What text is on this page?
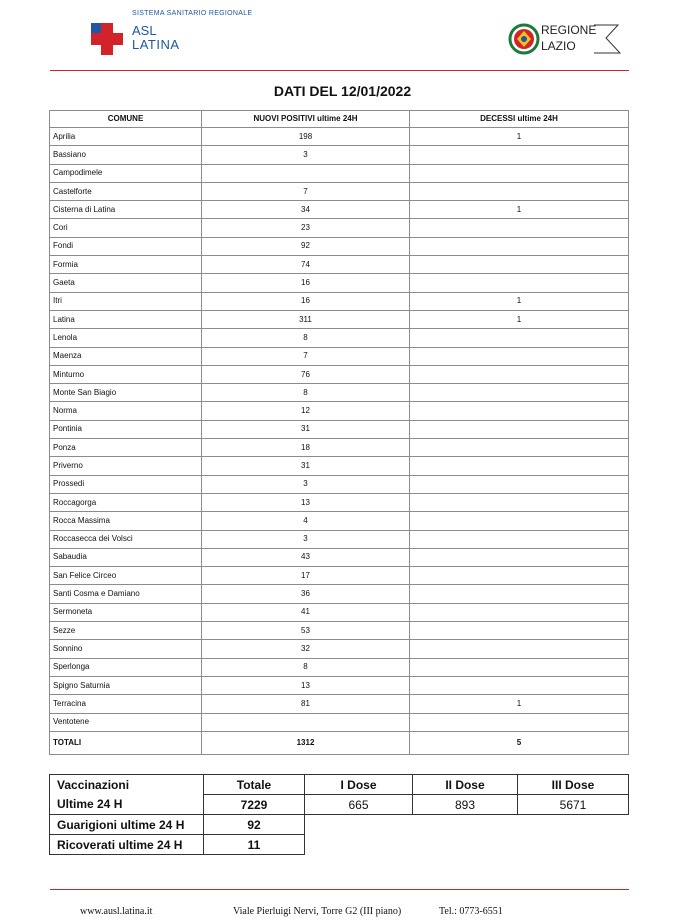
SISTEMA SANITARIO REGIONALE
ASL
LATINA
REGIONE
LAZIO
DATI DEL 12/01/2022
COMUNE	NUOVI POSITIVI ultime 24H	DECESSI ultime 24H
Aprilia	198	1
Bassiano	3	
Campodimele		
Castelforte	7	
Cisterna di Latina	34	1
Cori	23	
Fondi	92	
Formia	74	
Gaeta	16	
Itri	16	1
Latina	311	1
Lenola	8	
Maenza	7	
Minturno	76	
Monte San Biagio	8	
Norma	12	
Pontinia	31	
Ponza	18	
Priverno	31	
Prossedi	3	
Roccagorga	13	
Rocca Massima	4	
Roccasecca dei Volsci	3	
Sabaudia	43	
San Felice Circeo	17	
Santi Cosma e Damiano	36	
Sermoneta	41	
Sezze	53	
Sonnino	32	
Sperlonga	8	
Spigno Saturnia	13	
Terracina	81	1
Ventotene		
TOTALI	1312	5
Vaccinazioni	Totale	I Dose	II Dose	III Dose
Ultime 24 H	7229	665	893	5671
Guarigioni ultime 24 H	92			
Ricoverati ultime 24 H	11			
www.ausl.latina.it	Viale Pierluigi Nervi, Torre G2 (III piano)	Tel.: 0773-6551
